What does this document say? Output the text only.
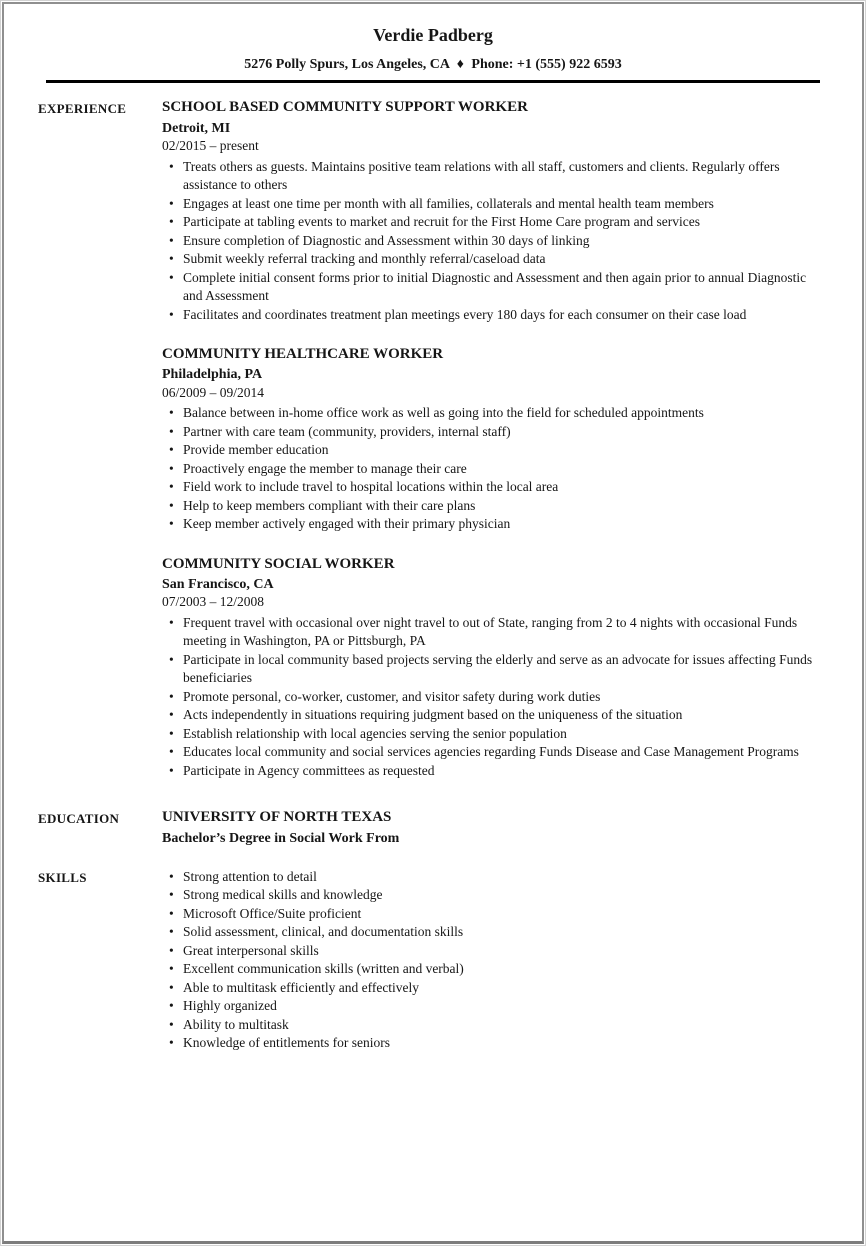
Verdie Padberg
5276 Polly Spurs, Los Angeles, CA ♦ Phone: +1 (555) 922 6593
EXPERIENCE	SCHOOL BASED COMMUNITY SUPPORT WORKER
Detroit, MI
02/2015 – present
• Treats others as guests. Maintains positive team relations with all staff, customers and clients. Regularly offers assistance to others
• Engages at least one time per month with all families, collaterals and mental health team members
• Participate at tabling events to market and recruit for the First Home Care program and services
• Ensure completion of Diagnostic and Assessment within 30 days of linking
• Submit weekly referral tracking and monthly referral/caseload data
• Complete initial consent forms prior to initial Diagnostic and Assessment and then again prior to annual Diagnostic and Assessment
• Facilitates and coordinates treatment plan meetings every 180 days for each consumer on their case load
COMMUNITY HEALTHCARE WORKER
Philadelphia, PA
06/2009 – 09/2014
• Balance between in-home office work as well as going into the field for scheduled appointments
• Partner with care team (community, providers, internal staff)
• Provide member education
• Proactively engage the member to manage their care
• Field work to include travel to hospital locations within the local area
• Help to keep members compliant with their care plans
• Keep member actively engaged with their primary physician
COMMUNITY SOCIAL WORKER
San Francisco, CA
07/2003 – 12/2008
• Frequent travel with occasional over night travel to out of State, ranging from 2 to 4 nights with occasional Funds meeting in Washington, PA or Pittsburgh, PA
• Participate in local community based projects serving the elderly and serve as an advocate for issues affecting Funds beneficiaries
• Promote personal, co-worker, customer, and visitor safety during work duties
• Acts independently in situations requiring judgment based on the uniqueness of the situation
• Establish relationship with local agencies serving the senior population
• Educates local community and social services agencies regarding Funds Disease and Case Management Programs
• Participate in Agency committees as requested
EDUCATION	UNIVERSITY OF NORTH TEXAS
Bachelor’s Degree in Social Work From
SKILLS	• Strong attention to detail
• Strong medical skills and knowledge
• Microsoft Office/Suite proficient
• Solid assessment, clinical, and documentation skills
• Great interpersonal skills
• Excellent communication skills (written and verbal)
• Able to multitask efficiently and effectively
• Highly organized
• Ability to multitask
• Knowledge of entitlements for seniors
